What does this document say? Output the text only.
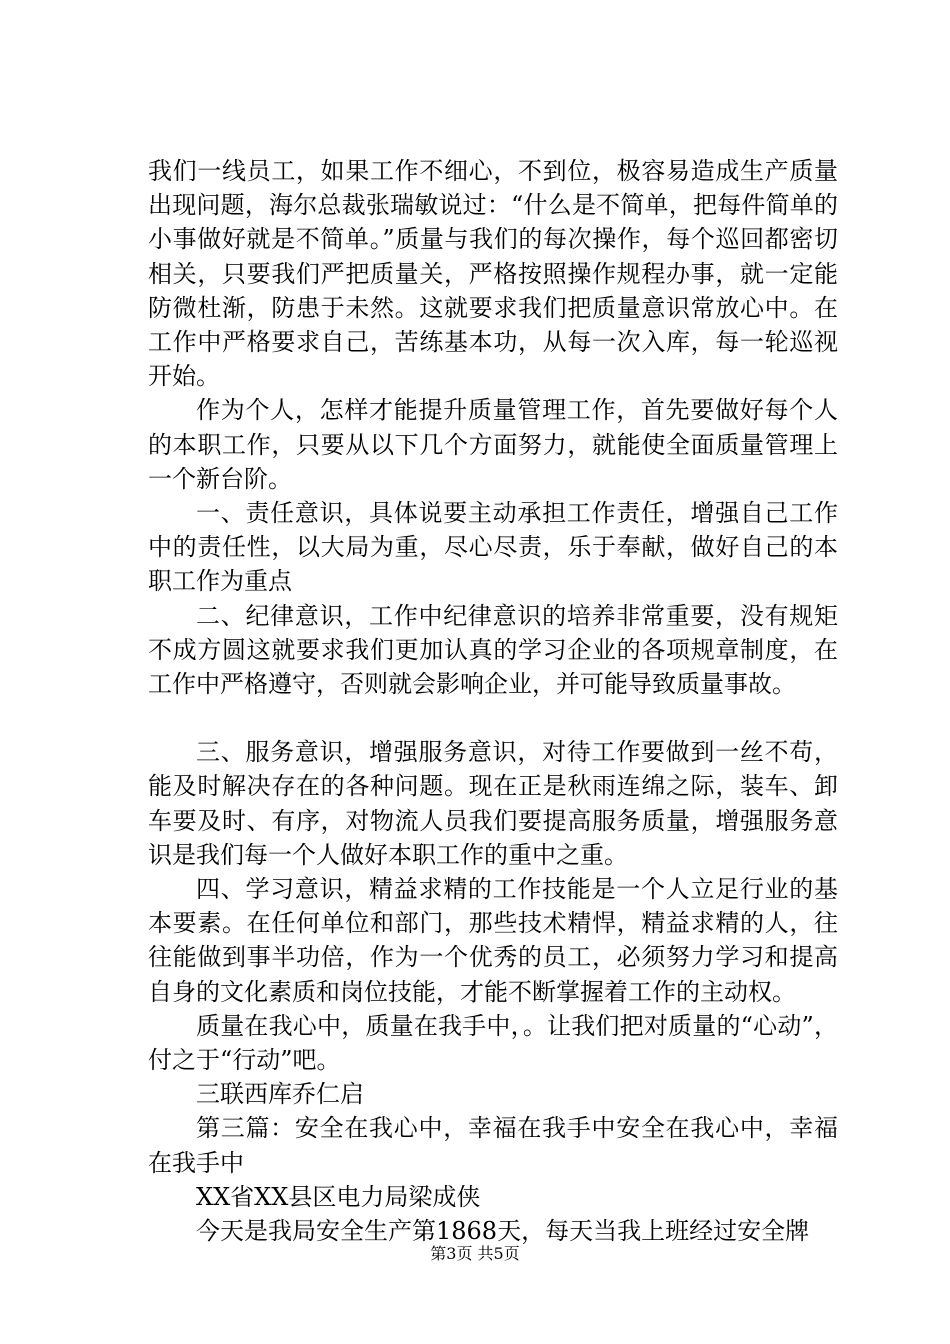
我们一线员工，如果工作不细心，不到位，极容易造成生产质量出现问题，海尔总裁张瑞敏说过：“什么是不简单，把每件简单的小事做好就是不简单。”质量与我们的每次操作，每个巡回都密切相关，只要我们严把质量关，严格按照操作规程办事，就一定能防微杜渐，防患于未然。这就要求我们把质量意识常放心中。在工作中严格要求自己，苦练基本功，从每一次入库，每一轮巡视开始。

作为个人，怎样才能提升质量管理工作，首先要做好每个人的本职工作，只要从以下几个方面努力，就能使全面质量管理上一个新台阶。

一、责任意识，具体说要主动承担工作责任，增强自己工作中的责任性，以大局为重，尽心尽责，乐于奉献，做好自己的本职工作为重点

二、纪律意识，工作中纪律意识的培养非常重要，没有规矩不成方圆这就要求我们更加认真的学习企业的各项规章制度，在工作中严格遵守，否则就会影响企业，并可能导致质量事故。

三、服务意识，增强服务意识，对待工作要做到一丝不苟，能及时解决存在的各种问题。现在正是秋雨连绵之际，装车、卸车要及时、有序，对物流人员我们要提高服务质量，增强服务意识是我们每一个人做好本职工作的重中之重。

四、学习意识，精益求精的工作技能是一个人立足行业的基本要素。在任何单位和部门，那些技术精悍，精益求精的人，往往能做到事半功倍，作为一个优秀的员工，必须努力学习和提高自身的文化素质和岗位技能，才能不断掌握着工作的主动权。

质量在我心中，质量在我手中，。让我们把对质量的“心动”，付之于“行动”吧。

三联西库乔仁启

第三篇：安全在我心中，幸福在我手中安全在我心中，幸福在我手中

XX省XX县区电力局梁成侠

今天是我局安全生产第1868天，每天当我上班经过安全牌

第3页 共5页
